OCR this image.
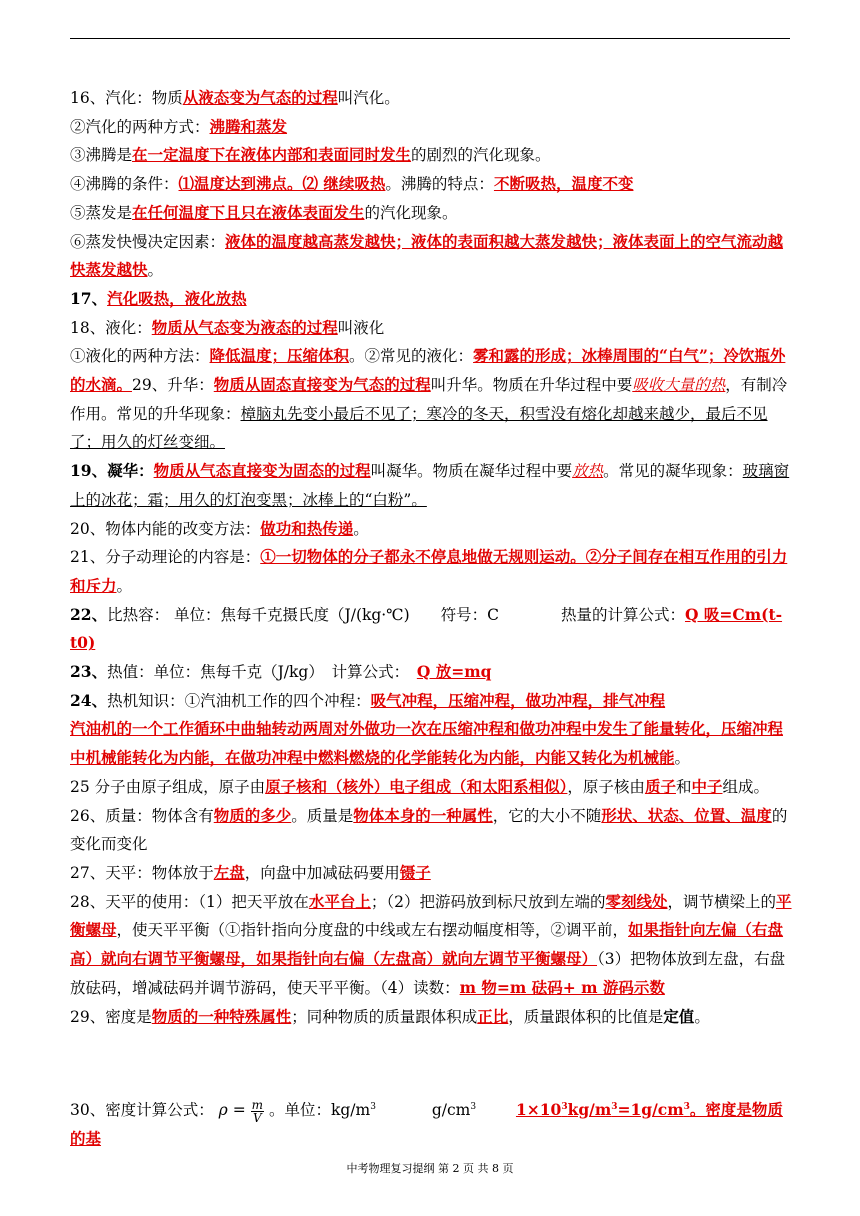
16、汽化：物质从液态变为气态的过程叫汽化。

②汽化的两种方式：沸腾和蒸发

③沸腾是在一定温度下在液体内部和表面同时发生的剧烈的汽化现象。

④沸腾的条件：⑴温度达到沸点。⑵ 继续吸热。沸腾的特点：不断吸热，温度不变

⑤蒸发是在任何温度下且只在液体表面发生的汽化现象。

⑥蒸发快慢决定因素：液体的温度越高蒸发越快；液体的表面积越大蒸发越快；液体表面上的空气流动越快蒸发越快。

17、汽化吸热，液化放热

18、液化：物质从气态变为液态的过程叫液化

①液化的两种方法：降低温度；压缩体积。②常见的液化：雾和露的形成；冰棒周围的“白气”；冷饮瓶外的水滴。29、升华：物质从固态直接变为气态的过程叫升华。物质在升华过程中要吸收大量的热，有制冷作用。常见的升华现象：樟脑丸先变小最后不见了；寒冷的冬天，积雪没有熔化却越来越少，最后不见了；用久的灯丝变细。

19、凝华：物质从气态直接变为固态的过程叫凝华。物质在凝华过程中要放热。常见的凝华现象：玻璃窗上的冰花；霜；用久的灯泡变黑；冰棒上的“白粉”。

20、物体内能的改变方法：做功和热传递。

21、分子动理论的内容是：①一切物体的分子都永不停息地做无规则运动。②分子间存在相互作用的引力和斥力。

22、比热容： 单位：焦每千克摄氏度（J/(kg·℃)　　符号：C　　　　热量的计算公式：Q 吸=Cm(t-t0)

23、热值：单位：焦每千克（J/kg）　计算公式：　Q 放=mq

24、热机知识：①汽油机工作的四个冲程：吸气冲程，压缩冲程，做功冲程，排气冲程

汽油机的一个工作循环中曲轴转动两周对外做功一次在压缩冲程和做功冲程中发生了能量转化，压缩冲程中机械能转化为内能，在做功冲程中燃料燃烧的化学能转化为内能，内能又转化为机械能。

25 分子由原子组成，原子由原子核和（核外）电子组成（和太阳系相似），原子核由质子和中子组成。

26、质量：物体含有物质的多少。质量是物体本身的一种属性，它的大小不随形状、状态、位置、温度的变化而变化

27、天平：物体放于左盘，向盘中加减砝码要用镊子

28、天平的使用：（1）把天平放在水平台上；（2）把游码放到标尺放到左端的零刻线处，调节横梁上的平衡螺母，使天平平衡（①指针指向分度盘的中线或左右摆动幅度相等，②调平前，如果指针向左偏（右盘高）就向右调节平衡螺母，如果指针向右偏（左盘高）就向左调节平衡螺母）（3）把物体放到左盘，右盘放砝码，增减砝码并调节游码，使天平平衡。（4）读数：m 物=m 砝码+ m 游码示数

29、密度是物质的一种特殊属性；同种物质的质量跟体积成正比，质量跟体积的比值是定值。

30、密度计算公式： $\rho = \frac{m}{V}$ 。单位：$kg/m^3$	$g/cm^3$	$1\times 10^3kg/m^3=1g/cm^3$。密度是物质的基

中考物理复习提纲 第 2 页 共 8 页
